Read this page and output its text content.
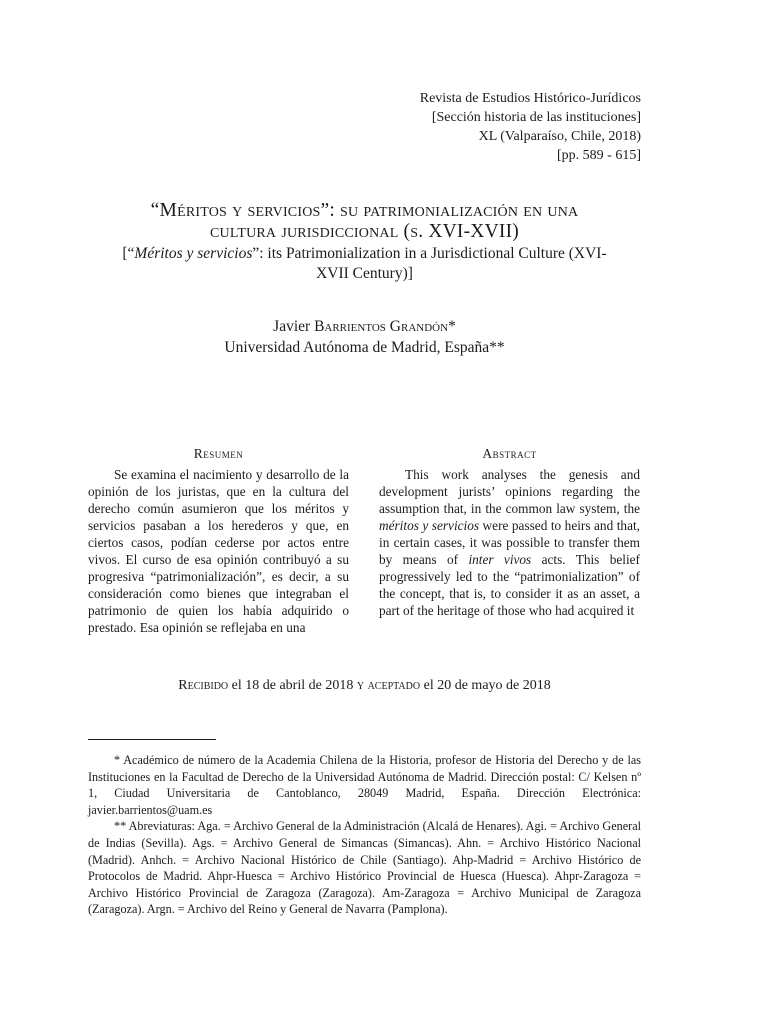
Revista de Estudios Histórico-Jurídicos
[Sección historia de las instituciones]
XL (Valparaíso, Chile, 2018)
[pp. 589 - 615]
“Méritos y servicios”: su patrimonialización en una
cultura jurisdiccional (s. XVI-XVII)
[“Méritos y servicios”: its Patrimonialization in a Jurisdictional Culture (XVI-
XVII Century)]
Javier Barrientos Grandón*
Universidad Autónoma de Madrid, España**
Resumen
Se examina el nacimiento y desarrollo de la opinión de los juristas, que en la cultura del derecho común asumieron que los méritos y servicios pasaban a los herederos y que, en ciertos casos, podían cederse por actos entre vivos. El curso de esa opinión contribuyó a su progresiva “patrimonialización”, es decir, a su consideración como bienes que integraban el patrimonio de quien los había adquirido o prestado. Esa opinión se reflejaba en una
Abstract
This work analyses the genesis and development jurists’ opinions regarding the assumption that, in the common law system, the méritos y servicios were passed to heirs and that, in certain cases, it was possible to transfer them by means of inter vivos acts. This belief progressively led to the “patrimonialization” of the concept, that is, to consider it as an asset, a part of the heritage of those who had acquired it
Recibido el 18 de abril de 2018 y aceptado el 20 de mayo de 2018

* Académico de número de la Academia Chilena de la Historia, profesor de Historia del Derecho y de las Instituciones en la Facultad de Derecho de la Universidad Autónoma de Madrid. Dirección postal: C/ Kelsen nº 1, Ciudad Universitaria de Cantoblanco, 28049 Madrid, España. Dirección Electrónica: javier.barrientos@uam.es

** Abreviaturas: Aga. = Archivo General de la Administración (Alcalá de Henares). Agi. = Archivo General de Indias (Sevilla). Ags. = Archivo General de Simancas (Simancas). Ahn. = Archivo Histórico Nacional (Madrid). Anhch. = Archivo Nacional Histórico de Chile (Santiago). Ahp-Madrid = Archivo Histórico de Protocolos de Madrid. Ahpr-Huesca = Archivo Histórico Provincial de Huesca (Huesca). Ahpr-Zaragoza = Archivo Histórico Provincial de Zaragoza (Zaragoza). Am-Zaragoza = Archivo Municipal de Zaragoza (Zaragoza). Argn. = Archivo del Reino y General de Navarra (Pamplona).
